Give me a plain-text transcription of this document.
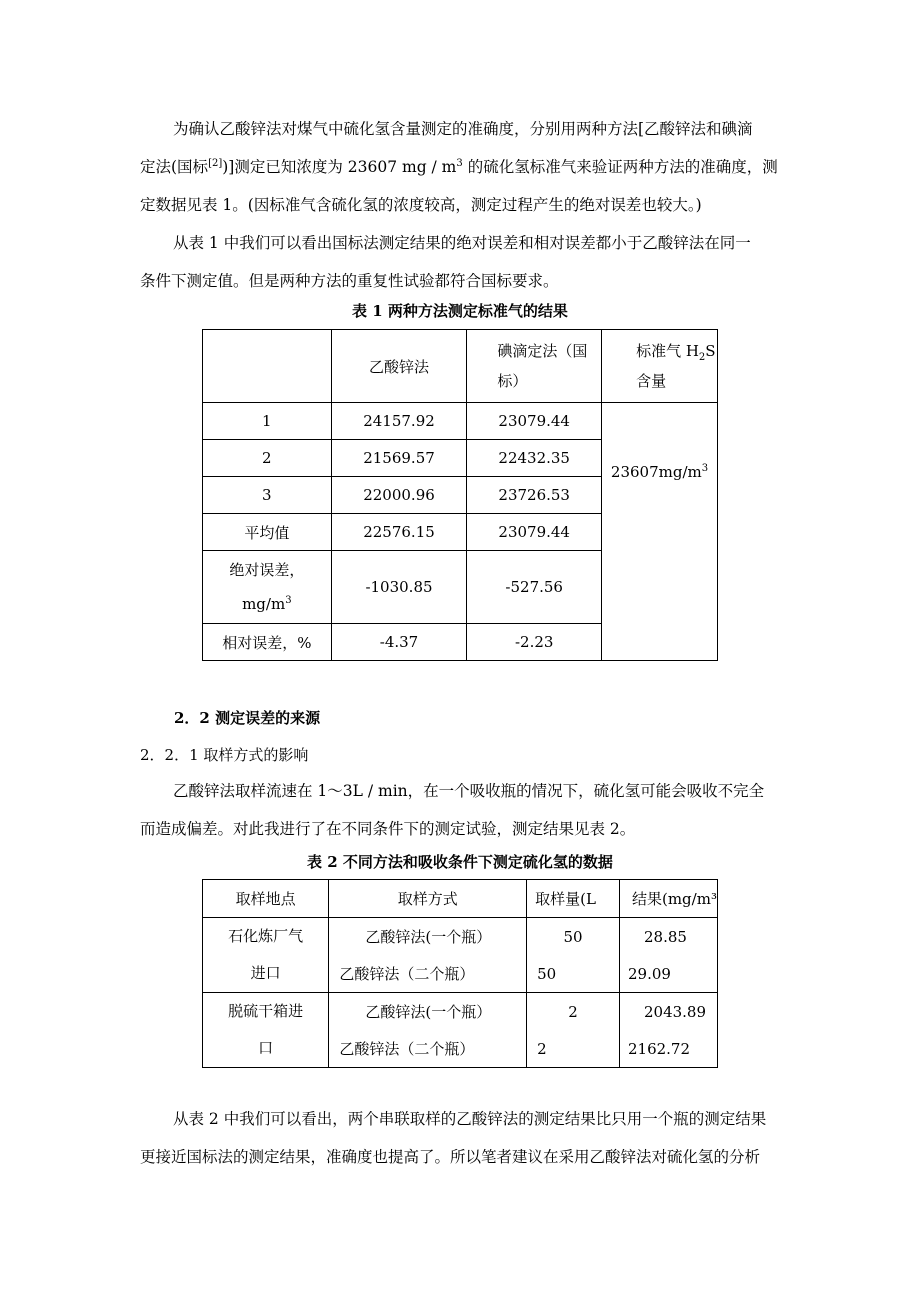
为确认乙酸锌法对煤气中硫化氢含量测定的准确度，分别用两种方法[乙酸锌法和碘滴
定法(国标[2])]测定已知浓度为 23607 mg / $m^3$ 的硫化氢标准气来验证两种方法的准确度，测
定数据见表 1。(因标准气含硫化氢的浓度较高，测定过程产生的绝对误差也较大。)
从表 1 中我们可以看出国标法测定结果的绝对误差和相对误差都小于乙酸锌法在同一
条件下测定值。但是两种方法的重复性试验都符合国标要求。
表 1 两种方法测定标准气的结果
	乙酸锌法	碘滴定法（国
标）	标准气 $H_2S$
含量
1	24157.92	23079.44	$23607mg/m^3$

2	21569.57	22432.35	
3	22000.96	23726.53	
平均值	22576.15	23079.44	
绝对误差，
$mg/m^3$	-1030.85	-527.56	
相对误差，%	-4.37	-2.23	
2．2 测定误差的来源
2．2．1 取样方式的影响
乙酸锌法取样流速在 1～3L / min，在一个吸收瓶的情况下，硫化氢可能会吸收不完全
而造成偏差。对此我进行了在不同条件下的测定试验，测定结果见表 2。
表 2 不同方法和吸收条件下测定硫化氢的数据
取样地点	取样方式	取样量(L	结果(mg/m³
石化炼厂气
进口	乙酸锌法(一个瓶）	50	28.85
	乙酸锌法（二个瓶）	50	29.09
脱硫干箱进
口	乙酸锌法(一个瓶）	2	2043.89
	乙酸锌法（二个瓶）	2	2162.72
从表 2 中我们可以看出，两个串联取样的乙酸锌法的测定结果比只用一个瓶的测定结果
更接近国标法的测定结果，准确度也提高了。所以笔者建议在采用乙酸锌法对硫化氢的分析
